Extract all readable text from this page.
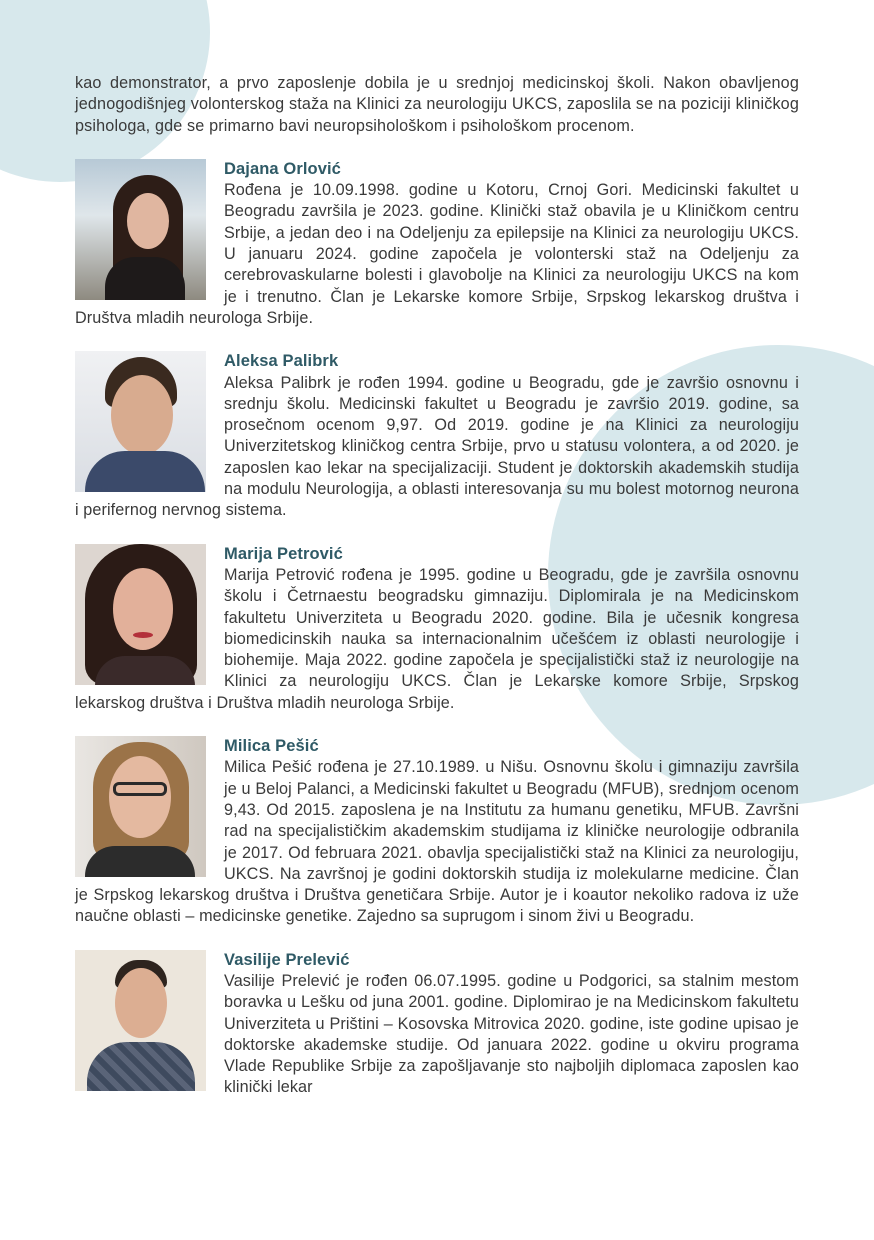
kao demonstrator, a prvo zaposlenje dobila je u srednjoj medicinskoj školi. Nakon obavljenog jednogodišnjeg volonterskog staža na Klinici za neurologiju UKCS, zaposlila se na poziciji kliničkog psihologa, gde se primarno bavi neuropsihološkom i psihološkom procenom.

Dajana Orlović

Rođena je 10.09.1998. godine u Kotoru, Crnoj Gori. Medicinski fakultet u Beogradu završila je 2023. godine. Klinički staž obavila je u Kliničkom centru Srbije, a jedan deo i na Odeljenju za epilepsije na Klinici za neurologiju UKCS. U januaru 2024. godine započela je volonterski staž na Odeljenju za cerebrovaskularne bolesti i glavobolje na Klinici za neurologiju UKCS na kom je i trenutno. Član je Lekarske komore Srbije, Srpskog lekarskog društva i Društva mladih neurologa Srbije.

Aleksa Palibrk

Aleksa Palibrk je rođen 1994. godine u Beogradu, gde je završio osnovnu i srednju školu. Medicinski fakultet u Beogradu je završio 2019. godine, sa prosečnom ocenom 9,97. Od 2019. godine je na Klinici za neurologiju Univerzitetskog kliničkog centra Srbije, prvo u statusu volontera, a od 2020. je zaposlen kao lekar na specijalizaciji. Student je doktorskih akademskih studija na modulu Neurologija, a oblasti interesovanja su mu bolest motornog neurona i perifernog nervnog sistema.

Marija Petrović

Marija Petrović rođena je 1995. godine u Beogradu, gde je završila osnovnu školu i Četrnaestu beogradsku gimnaziju. Diplomirala je na Medicinskom fakultetu Univerziteta u Beogradu 2020. godine. Bila je učesnik kongresa biomedicinskih nauka sa internacionalnim učešćem iz oblasti neurologije i biohemije. Maja 2022. godine započela je specijalistički staž iz neurologije na Klinici za neurologiju UKCS. Član je Lekarske komore Srbije, Srpskog lekarskog društva i Društva mladih neurologa Srbije.

Milica Pešić

Milica Pešić rođena je 27.10.1989. u Nišu. Osnovnu školu i gimnaziju završila je u Beloj Palanci, a Medicinski fakultet u Beogradu (MFUB), srednjom ocenom 9,43. Od 2015. zaposlena je na Institutu za humanu genetiku, MFUB. Završni rad na specijalističkim akademskim studijama iz kliničke neurologije odbranila je 2017. Od februara 2021. obavlja specijalistički staž na Klinici za neurologiju, UKCS. Na završnoj je godini doktorskih studija iz molekularne medicine. Član je Srpskog lekarskog društva i Društva genetičara Srbije. Autor je i koautor nekoliko radova iz uže naučne oblasti – medicinske genetike. Zajedno sa suprugom i sinom živi u Beogradu.

Vasilije Prelević

Vasilije Prelević je rođen 06.07.1995. godine u Podgorici, sa stalnim mestom boravka u Lešku od juna 2001. godine. Diplomirao je na Medicinskom fakultetu Univerziteta u Prištini – Kosovska Mitrovica 2020. godine, iste godine upisao je doktorske akademske studije. Od januara 2022. godine u okviru programa Vlade Republike Srbije za zapošljavanje sto najboljih diplomaca zaposlen kao klinički lekar
